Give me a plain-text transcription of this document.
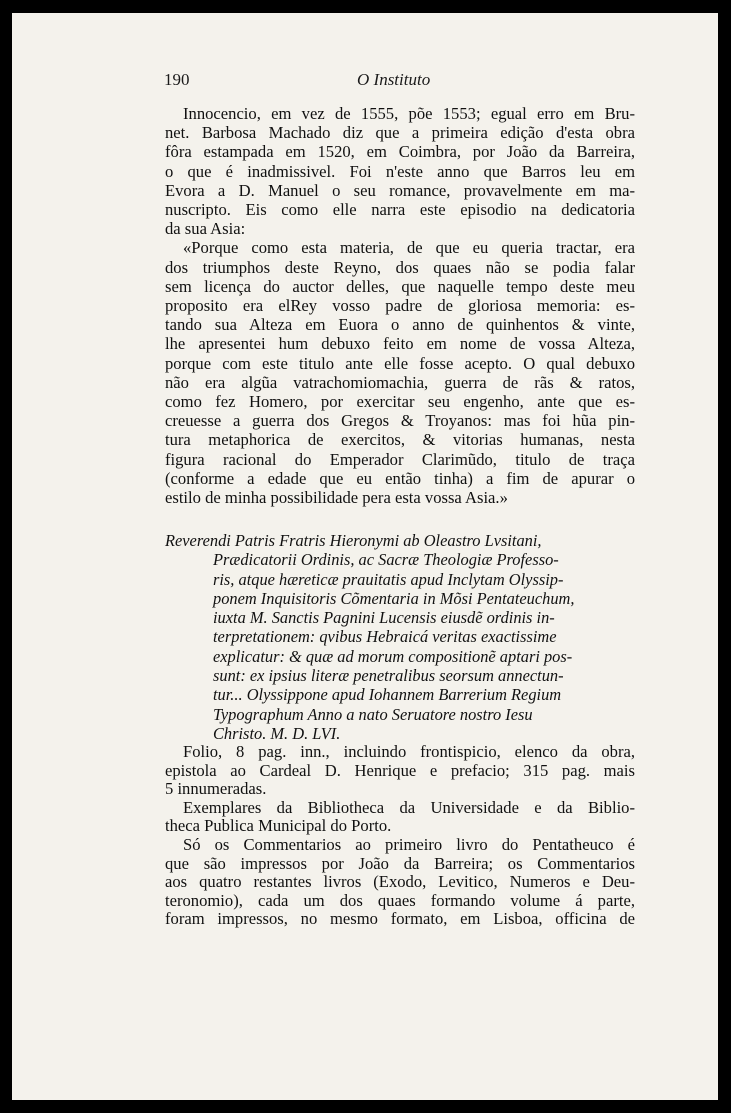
190	O Instituto

Innocencio, em vez de 1555, põe 1553; egual erro em Bru-

net. Barbosa Machado diz que a primeira edição d'esta obra

fôra estampada em 1520, em Coimbra, por João da Barreira,

o que é inadmissivel. Foi n'este anno que Barros leu em

Evora a D. Manuel o seu romance, provavelmente em ma-

nuscripto. Eis como elle narra este episodio na dedicatoria

da sua Asia:

«Porque como esta materia, de que eu queria tractar, era

dos triumphos deste Reyno, dos quaes não se podia falar

sem licença do auctor delles, que naquelle tempo deste meu

proposito era elRey vosso padre de gloriosa memoria: es-

tando sua Alteza em Euora o anno de quinhentos & vinte,

lhe apresentei hum debuxo feito em nome de vossa Alteza,

porque com este titulo ante elle fosse acepto. O qual debuxo

não era algũa vatrachomiomachia, guerra de rãs & ratos,

como fez Homero, por exercitar seu engenho, ante que es-

creuesse a guerra dos Gregos & Troyanos: mas foi hũa pin-

tura metaphorica de exercitos, & vitorias humanas, nesta

figura racional do Emperador Clarimũdo, titulo de traça

(conforme a edade que eu então tinha) a fim de apurar o

estilo de minha possibilidade pera esta vossa Asia.»

Reverendi Patris Fratris Hieronymi ab Oleastro Lvsitani,

Prædicatorii Ordinis, ac Sacræ Theologiæ Professo-

ris, atque hæreticæ prauitatis apud Inclytam Olyssip-

ponem Inquisitoris Cõmentaria in Mõsi Pentateuchum,

iuxta M. Sanctis Pagnini Lucensis eiusdẽ ordinis in-

terpretationem: qvibus Hebraicá veritas exactissime

explicatur: & quæ ad morum compositionẽ aptari pos-

sunt: ex ipsius literæ penetralibus seorsum annectun-

tur... Olyssippone apud Iohannem Barrerium Regium

Typographum Anno a nato Seruatore nostro Iesu

Christo. M. D. LVI.

Folio, 8 pag. inn., incluindo frontispicio, elenco da obra,

epistola ao Cardeal D. Henrique e prefacio; 315 pag. mais

5 innumeradas.

Exemplares da Bibliotheca da Universidade e da Biblio-

theca Publica Municipal do Porto.

Só os Commentarios ao primeiro livro do Pentatheuco é

que são impressos por João da Barreira; os Commentarios

aos quatro restantes livros (Exodo, Levitico, Numeros e Deu-

teronomio), cada um dos quaes formando volume á parte,

foram impressos, no mesmo formato, em Lisboa, officina de
